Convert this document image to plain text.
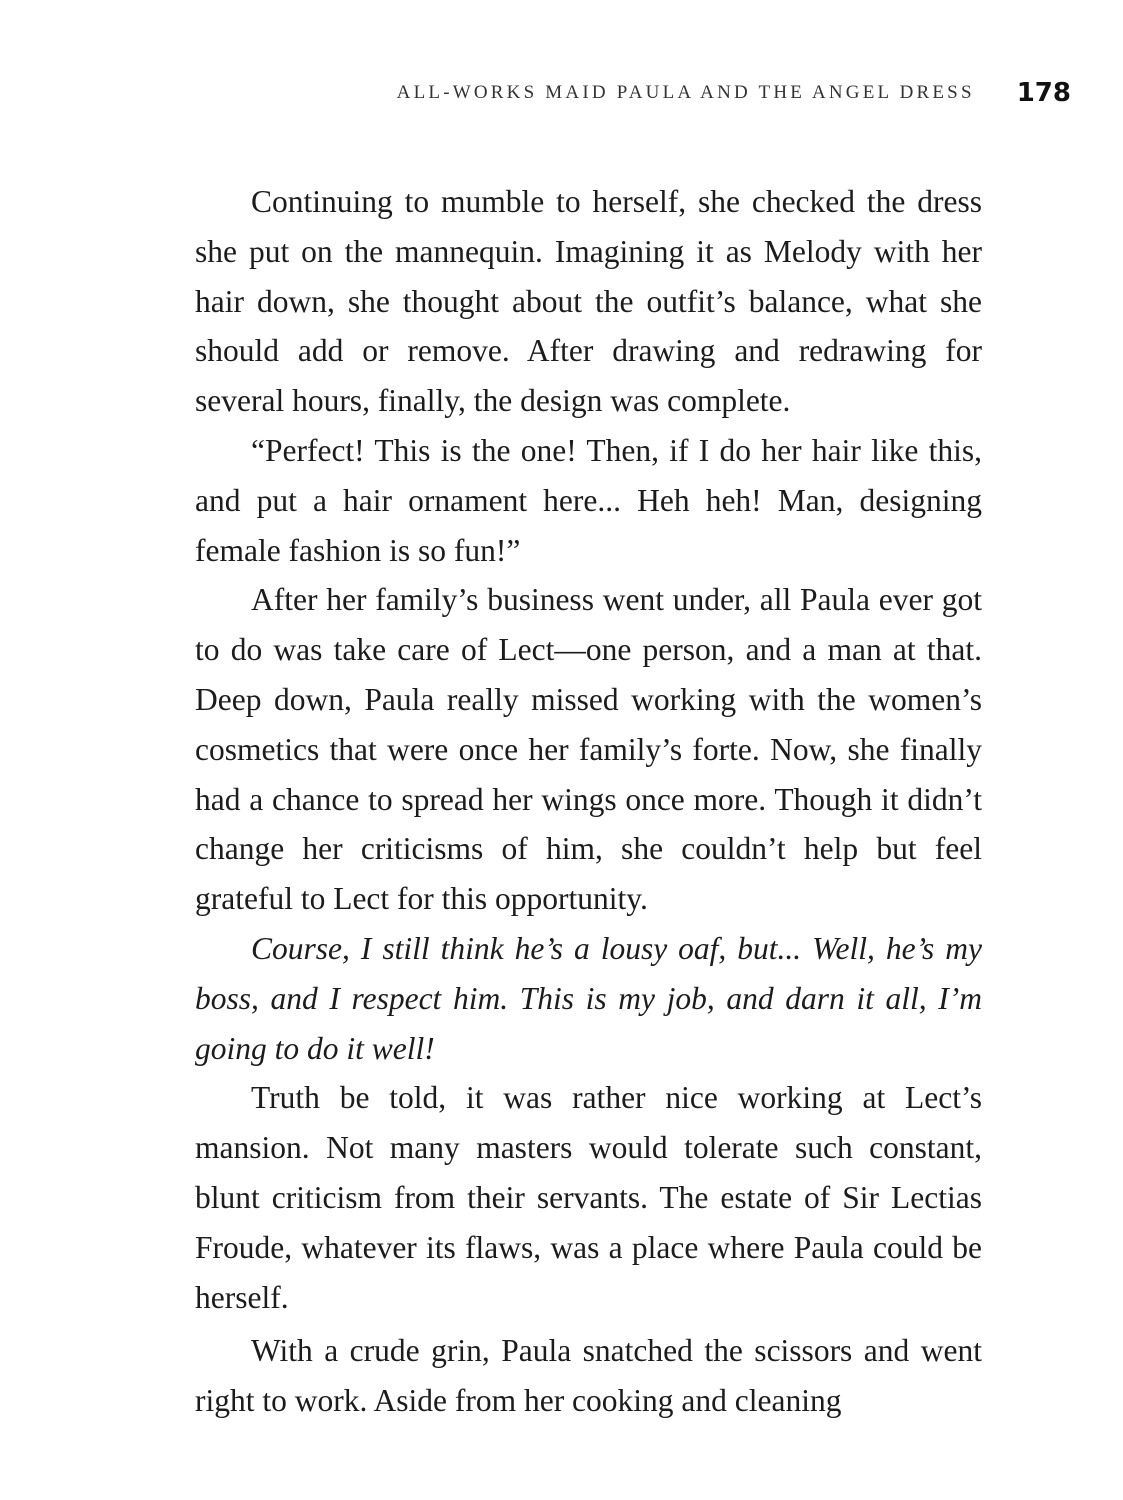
ALL-WORKS MAID PAULA AND THE ANGEL DRESS 178

Continuing to mumble to herself, she checked the dress she put on the mannequin. Imagining it as Melody with her hair down, she thought about the outfit’s balance, what she should add or remove. After drawing and redrawing for several hours, finally, the design was complete.

“Perfect! This is the one! Then, if I do her hair like this, and put a hair ornament here... Heh heh! Man, designing female fashion is so fun!”

After her family’s business went under, all Paula ever got to do was take care of Lect—one person, and a man at that. Deep down, Paula really missed working with the women’s cosmetics that were once her family’s forte. Now, she finally had a chance to spread her wings once more. Though it didn’t change her criticisms of him, she couldn’t help but feel grateful to Lect for this opportunity.

Course, I still think he’s a lousy oaf, but... Well, he’s my boss, and I respect him. This is my job, and darn it all, I’m going to do it well!

Truth be told, it was rather nice working at Lect’s mansion. Not many masters would tolerate such constant, blunt criticism from their servants. The estate of Sir Lectias Froude, whatever its flaws, was a place where Paula could be herself.

With a crude grin, Paula snatched the scissors and went right to work. Aside from her cooking and cleaning
